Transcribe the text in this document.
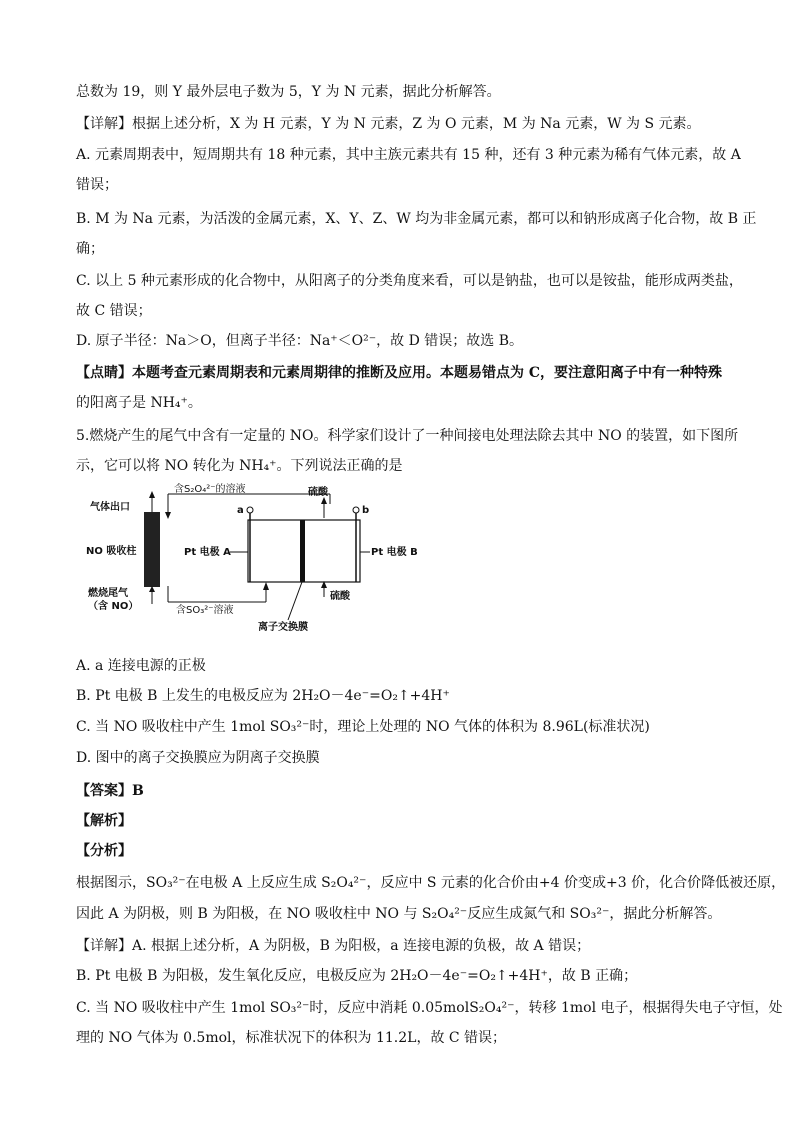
总数为 19，则 Y 最外层电子数为 5，Y 为 N 元素，据此分析解答。
【详解】根据上述分析，X 为 H 元素，Y 为 N 元素，Z 为 O 元素，M 为 Na 元素，W 为 S 元素。
A. 元素周期表中，短周期共有 18 种元素，其中主族元素共有 15 种，还有 3 种元素为稀有气体元素，故 A
错误；
B. M 为 Na 元素，为活泼的金属元素，X、Y、Z、W 均为非金属元素，都可以和钠形成离子化合物，故 B 正
确；
C. 以上 5 种元素形成的化合物中，从阳离子的分类角度来看，可以是钠盐，也可以是铵盐，能形成两类盐，
故 C 错误；
D. 原子半径：Na＞O，但离子半径：Na⁺＜O²⁻，故 D 错误；故选 B。
【点睛】本题考查元素周期表和元素周期律的推断及应用。本题易错点为 C，要注意阳离子中有一种特殊
的阳离子是 NH₄⁺。
5.燃烧产生的尾气中含有一定量的 NO。科学家们设计了一种间接电处理法除去其中 NO 的装置，如下图所
示，它可以将 NO 转化为 NH₄⁺。下列说法正确的是
含S₂O₄²⁻的溶液
含SO₃²⁻溶液
气体出口
NO 吸收柱
燃烧尾气
（含 NO）
Pt 电极 A	Pt 电极 B
a	b
硫酸
硫酸
离子交换膜
A. a 连接电源的正极
B. Pt 电极 B 上发生的电极反应为 2H₂O－4e⁻=O₂↑+4H⁺
C. 当 NO 吸收柱中产生 1mol SO₃²⁻时，理论上处理的 NO 气体的体积为 8.96L(标准状况)
D. 图中的离子交换膜应为阴离子交换膜
【答案】B
【解析】
【分析】
根据图示，SO₃²⁻在电极 A 上反应生成 S₂O₄²⁻，反应中 S 元素的化合价由+4 价变成+3 价，化合价降低被还原，
因此 A 为阴极，则 B 为阳极，在 NO 吸收柱中 NO 与 S₂O₄²⁻反应生成氮气和 SO₃²⁻，据此分析解答。
【详解】A. 根据上述分析，A 为阴极，B 为阳极，a 连接电源的负极，故 A 错误；
B. Pt 电极 B 为阳极，发生氧化反应，电极反应为 2H₂O－4e⁻=O₂↑+4H⁺，故 B 正确；
C. 当 NO 吸收柱中产生 1mol SO₃²⁻时，反应中消耗 0.05molS₂O₄²⁻，转移 1mol 电子，根据得失电子守恒，处
理的 NO 气体为 0.5mol，标准状况下的体积为 11.2L，故 C 错误；
